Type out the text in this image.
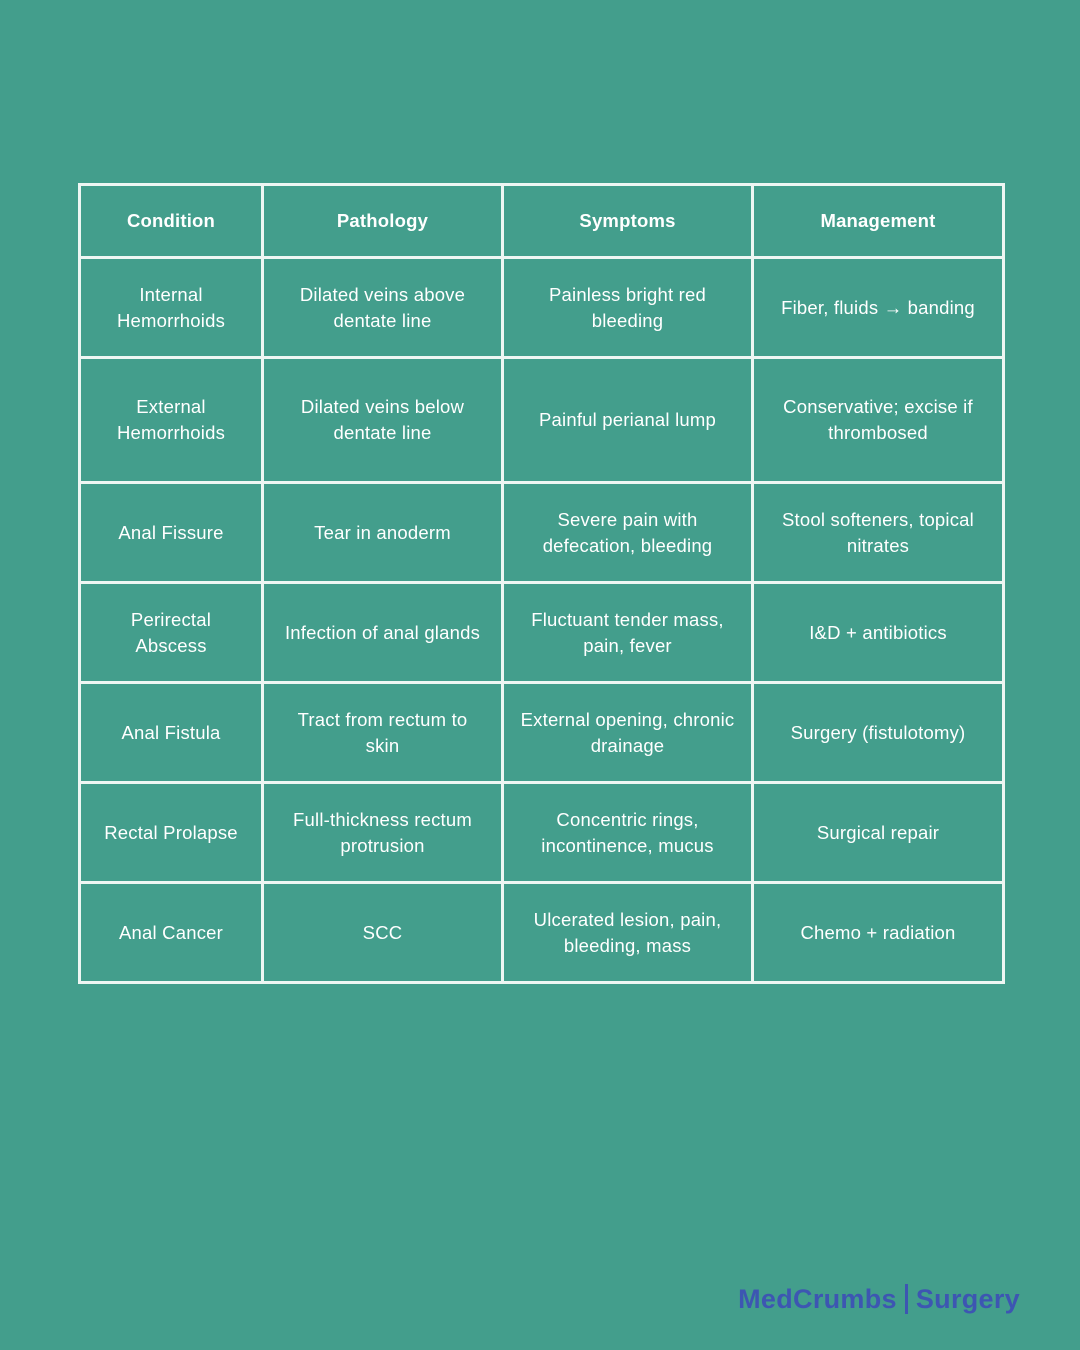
Condition	Pathology	Symptoms	Management
Internal Hemorrhoids	Dilated veins above dentate line	Painless bright red bleeding	Fiber, fluids → banding
External Hemorrhoids	Dilated veins below dentate line	Painful perianal lump	Conservative; excise if thrombosed
Anal Fissure	Tear in anoderm	Severe pain with defecation, bleeding	Stool softeners, topical nitrates
Perirectal Abscess	Infection of anal glands	Fluctuant tender mass, pain, fever	I&D + antibiotics
Anal Fistula	Tract from rectum to skin	External opening, chronic drainage	Surgery (fistulotomy)
Rectal Prolapse	Full-thickness rectum protrusion	Concentric rings, incontinence, mucus	Surgical repair
Anal Cancer	SCC	Ulcerated lesion, pain, bleeding, mass	Chemo + radiation
MedCrumbs Surgery
